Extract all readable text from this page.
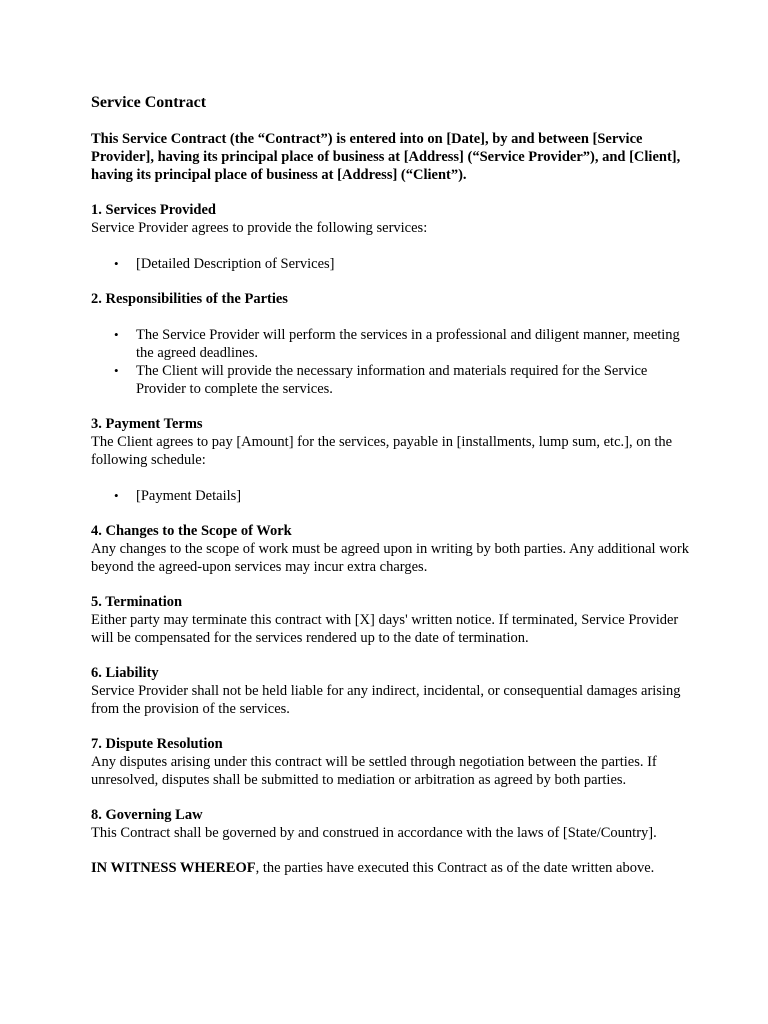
Service Contract
This Service Contract (the “Contract”) is entered into on [Date], by and between [Service Provider], having its principal place of business at [Address] (“Service Provider”), and [Client], having its principal place of business at [Address] (“Client”).
1. Services Provided
Service Provider agrees to provide the following services:
• [Detailed Description of Services]
2. Responsibilities of the Parties
• The Service Provider will perform the services in a professional and diligent manner, meeting the agreed deadlines.
• The Client will provide the necessary information and materials required for the Service Provider to complete the services.
3. Payment Terms
The Client agrees to pay [Amount] for the services, payable in [installments, lump sum, etc.], on the following schedule:
• [Payment Details]
4. Changes to the Scope of Work
Any changes to the scope of work must be agreed upon in writing by both parties. Any additional work beyond the agreed-upon services may incur extra charges.
5. Termination
Either party may terminate this contract with [X] days' written notice. If terminated, Service Provider will be compensated for the services rendered up to the date of termination.
6. Liability
Service Provider shall not be held liable for any indirect, incidental, or consequential damages arising from the provision of the services.
7. Dispute Resolution
Any disputes arising under this contract will be settled through negotiation between the parties. If unresolved, disputes shall be submitted to mediation or arbitration as agreed by both parties.
8. Governing Law
This Contract shall be governed by and construed in accordance with the laws of [State/Country].
IN WITNESS WHEREOF, the parties have executed this Contract as of the date written above.
